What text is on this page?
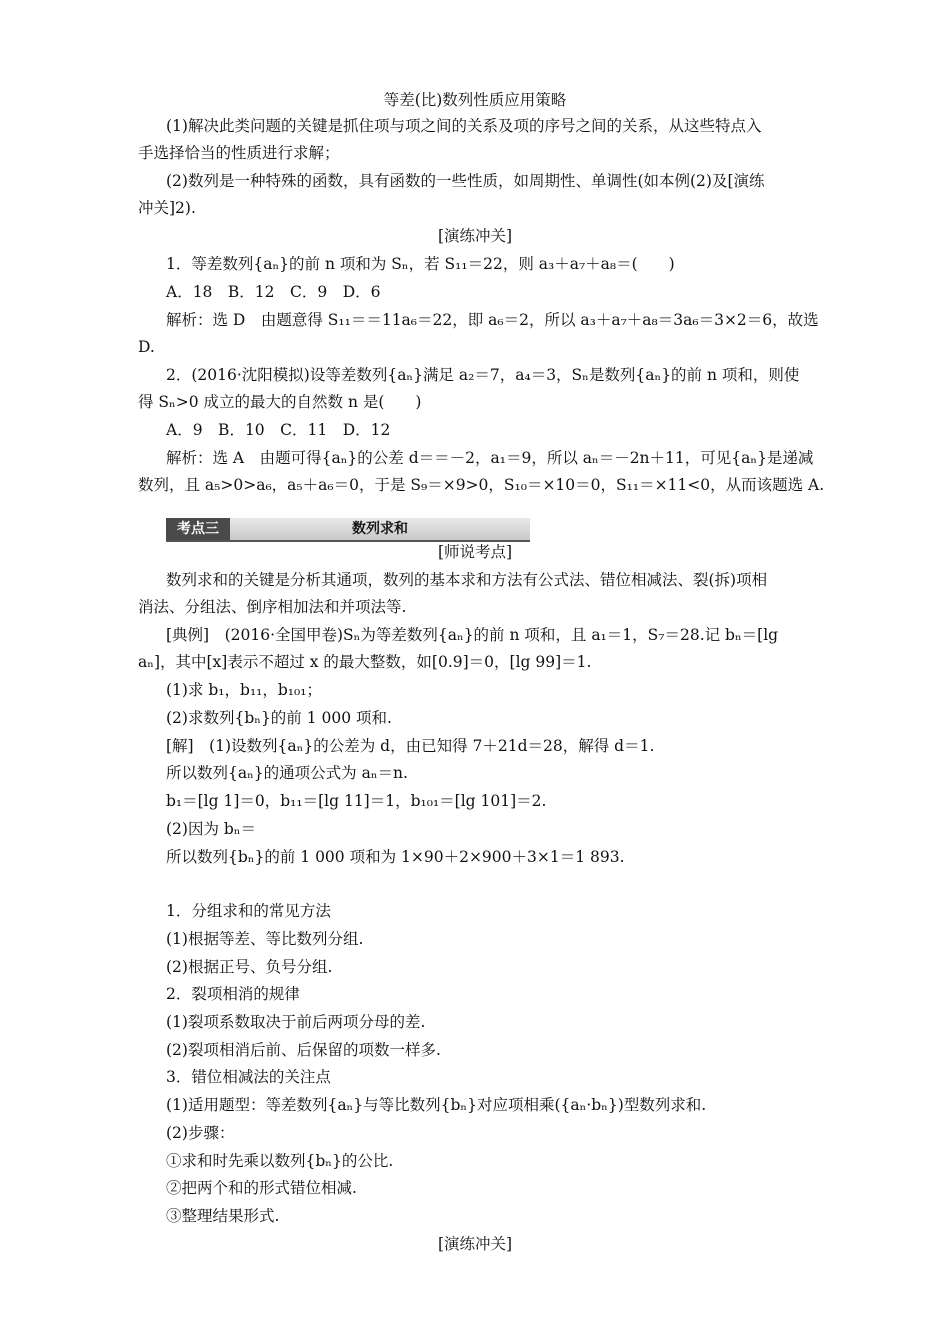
考点三	数列求和
等差(比)数列性质应用策略
(1)解决此类问题的关键是抓住项与项之间的关系及项的序号之间的关系，从这些特点入
手选择恰当的性质进行求解；
(2)数列是一种特殊的函数，具有函数的一些性质，如周期性、单调性(如本例(2)及[演练
冲关]2).
[演练冲关]
1．等差数列{aₙ}的前 n 项和为 Sₙ，若 S₁₁＝22，则 a₃＋a₇＋a₈＝(　　)
A．18　B．12　C．9　D．6
解析：选 D　由题意得 S₁₁＝＝11a₆＝22，即 a₆＝2，所以 a₃＋a₇＋a₈＝3a₆＝3×2＝6，故选
D.
2．(2016·沈阳模拟)设等差数列{aₙ}满足 a₂＝7，a₄＝3，Sₙ是数列{aₙ}的前 n 项和，则使
得 Sₙ>0 成立的最大的自然数 n 是(　　)
A．9　B．10　C．11　D．12
解析：选 A　由题可得{aₙ}的公差 d＝＝－2，a₁＝9，所以 aₙ＝－2n＋11，可见{aₙ}是递减
数列，且 a₅>0>a₆，a₅＋a₆＝0，于是 S₉＝×9>0，S₁₀＝×10＝0，S₁₁＝×11<0，从而该题选 A.
[师说考点]
数列求和的关键是分析其通项，数列的基本求和方法有公式法、错位相减法、裂(拆)项相
消法、分组法、倒序相加法和并项法等.
[典例]　(2016·全国甲卷)Sₙ为等差数列{aₙ}的前 n 项和，且 a₁＝1，S₇＝28.记 bₙ＝[lg
aₙ]，其中[x]表示不超过 x 的最大整数，如[0.9]＝0，[lg 99]＝1.
(1)求 b₁，b₁₁，b₁₀₁；
(2)求数列{bₙ}的前 1 000 项和.
[解]　(1)设数列{aₙ}的公差为 d，由已知得 7＋21d＝28，解得 d＝1.
所以数列{aₙ}的通项公式为 aₙ＝n.
b₁＝[lg 1]＝0，b₁₁＝[lg 11]＝1，b₁₀₁＝[lg 101]＝2.
(2)因为 bₙ＝
所以数列{bₙ}的前 1 000 项和为 1×90＋2×900＋3×1＝1 893.
1．分组求和的常见方法
(1)根据等差、等比数列分组.
(2)根据正号、负号分组.
2．裂项相消的规律
(1)裂项系数取决于前后两项分母的差.
(2)裂项相消后前、后保留的项数一样多.
3．错位相减法的关注点
(1)适用题型：等差数列{aₙ}与等比数列{bₙ}对应项相乘({aₙ·bₙ})型数列求和.
(2)步骤：
①求和时先乘以数列{bₙ}的公比.
②把两个和的形式错位相减.
③整理结果形式.
[演练冲关]
